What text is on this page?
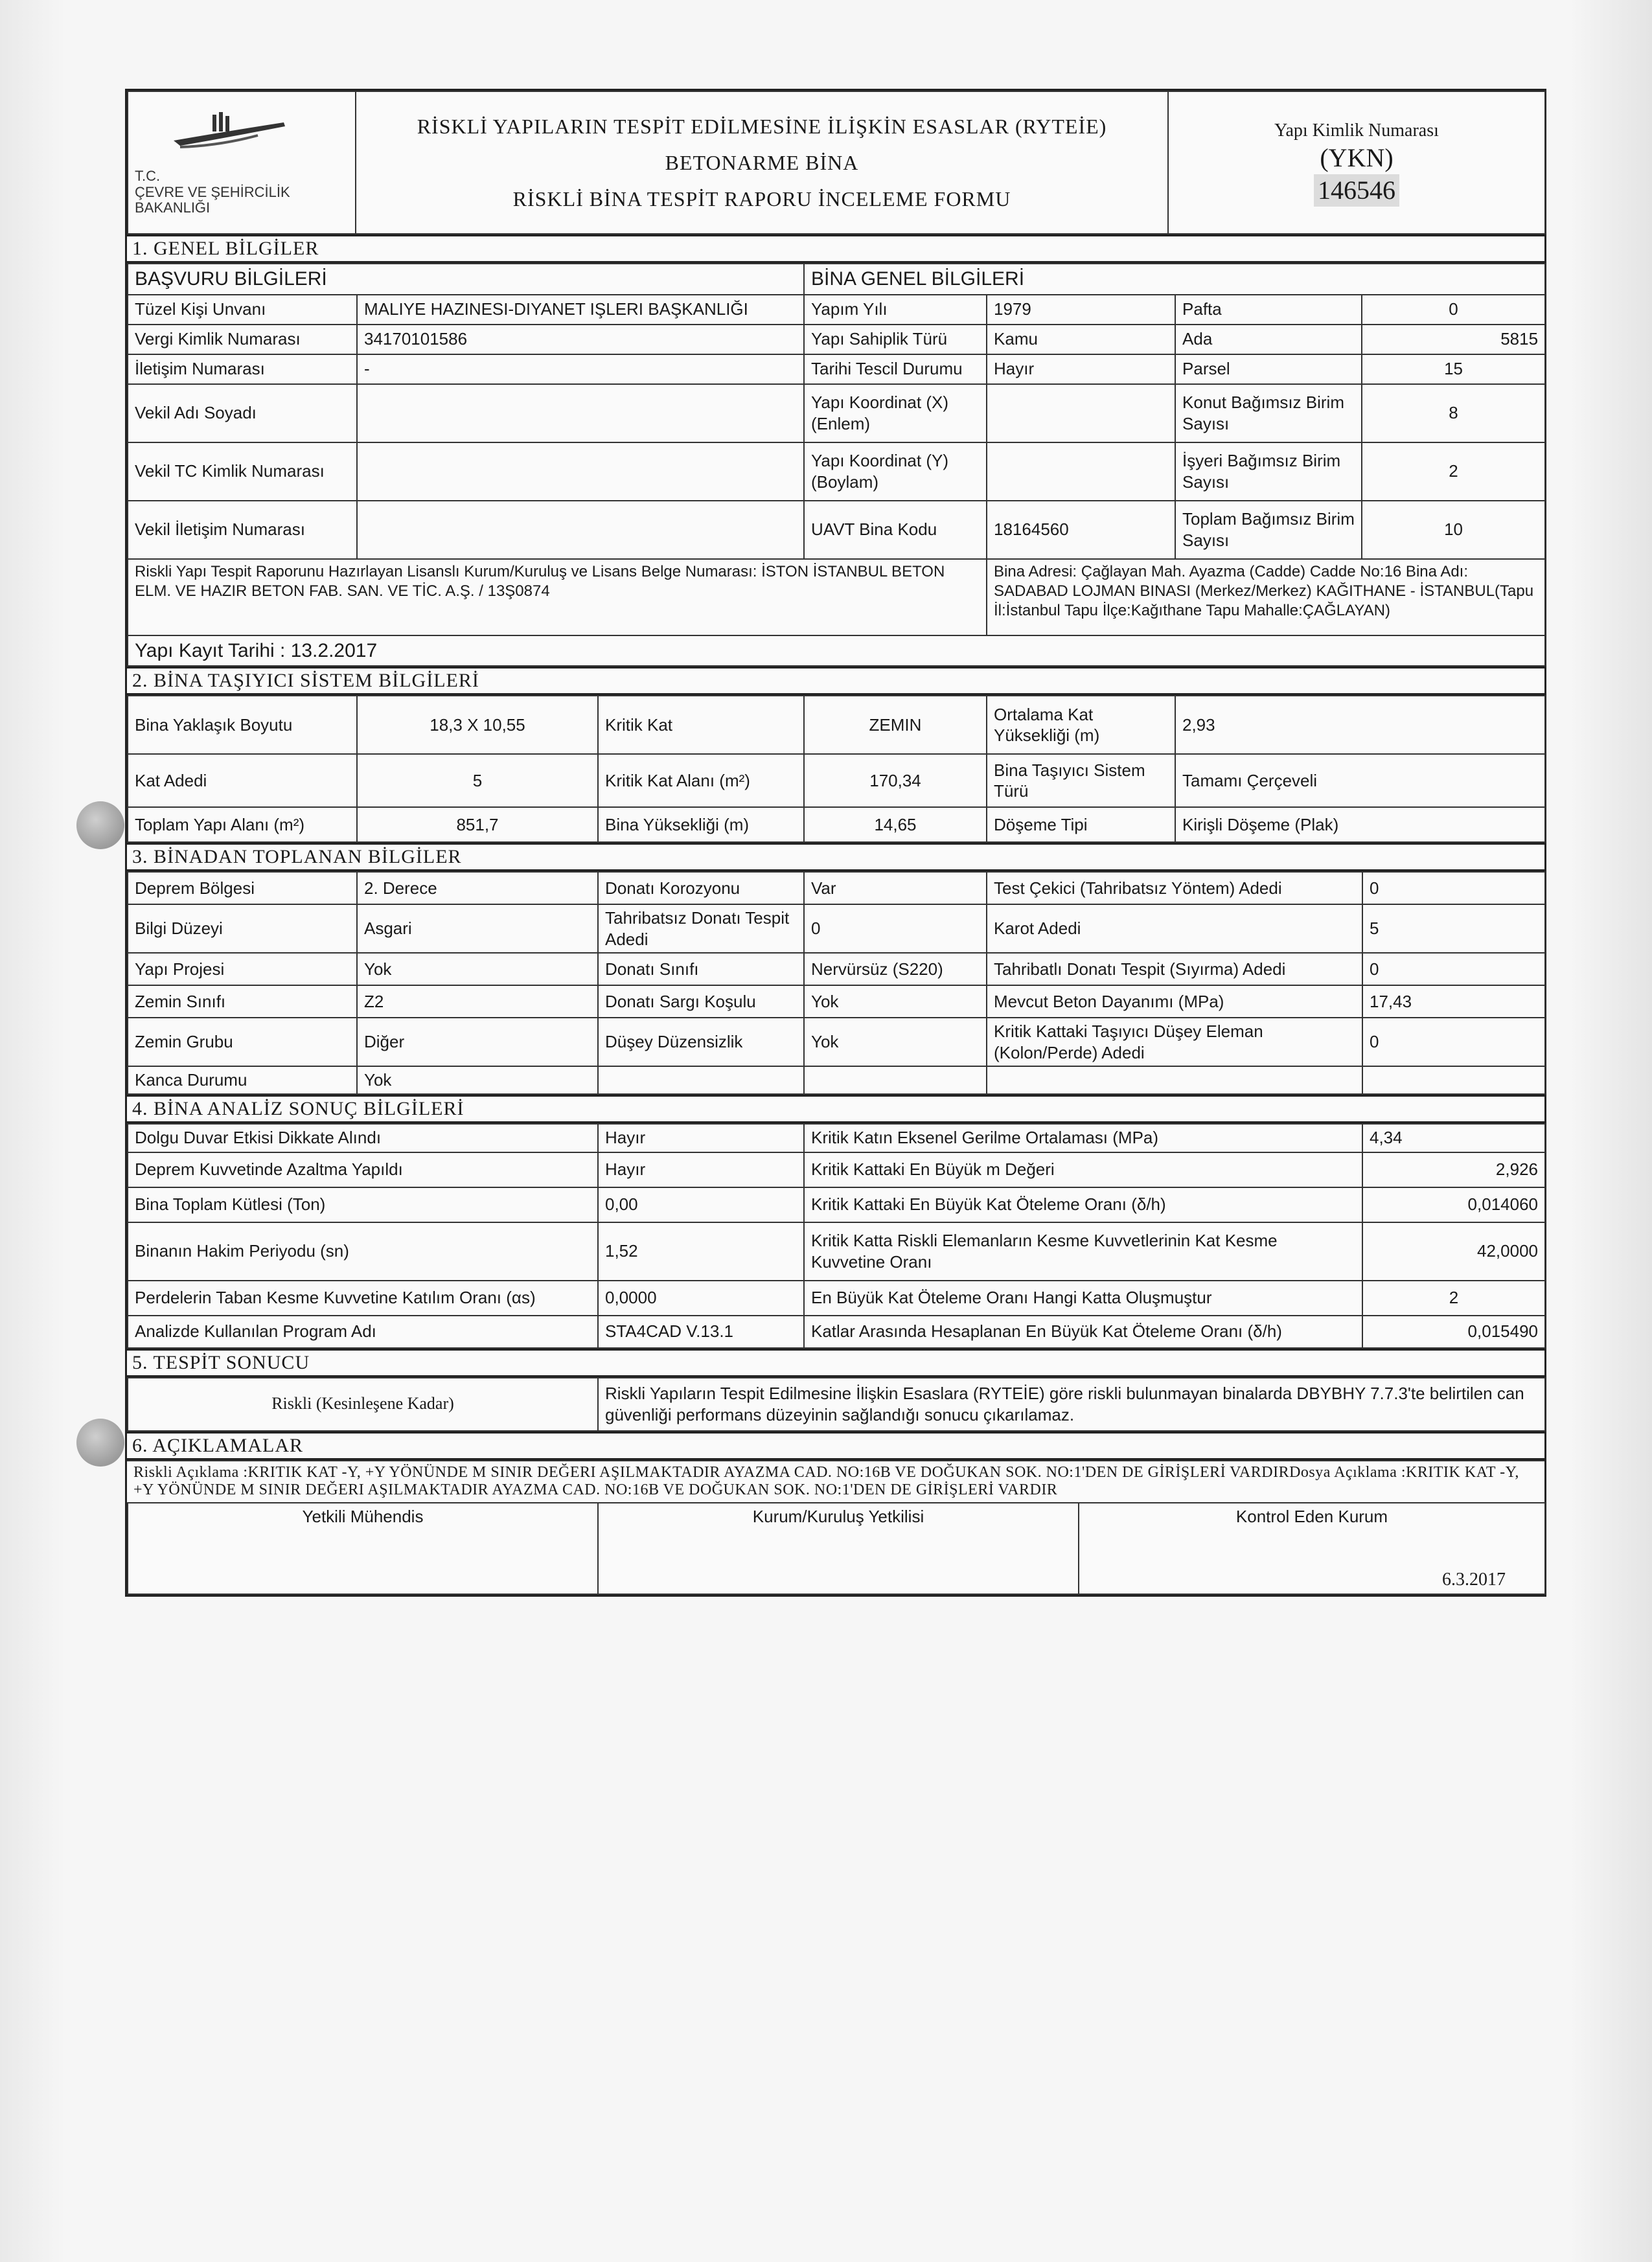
T.C.
ÇEVRE VE ŞEHİRCİLİK
BAKANLIĞI

RİSKLİ YAPILARIN TESPİT EDİLMESİNE İLİŞKİN ESASLAR (RYTEİE)
BETONARME BİNA
RİSKLİ BİNA TESPİT RAPORU İNCELEME FORMU

Yapı Kimlik Numarası
(YKN)
146546
1. GENEL BİLGİLER
BAŞVURU BİLGİLERİ		BİNA GENEL BİLGİLERİ			
Tüzel Kişi Unvanı	MALIYE HAZINESI-DIYANET IŞLERI BAŞKANLIĞI	Yapım Yılı	1979	Pafta	0
Vergi Kimlik Numarası	34170101586	Yapı Sahiplik Türü	Kamu	Ada	5815
İletişim Numarası	-	Tarihi Tescil Durumu	Hayır	Parsel	15
Vekil Adı Soyadı		Yapı Koordinat (X) (Enlem)		Konut Bağımsız Birim Sayısı	8
Vekil TC Kimlik Numarası		Yapı Koordinat (Y) (Boylam)		İşyeri Bağımsız Birim Sayısı	2
Vekil İletişim Numarası		UAVT Bina Kodu	18164560	Toplam Bağımsız Birim Sayısı	10
Riskli Yapı Tespit Raporunu Hazırlayan Lisanslı Kurum/Kuruluş ve Lisans Belge Numarası: İSTON İSTANBUL BETON ELM. VE HAZIR BETON FAB. SAN. VE TİC. A.Ş. / 13Ş0874			Bina Adresi: Çağlayan Mah. Ayazma (Cadde) Cadde No:16 Bina Adı: SADABAD LOJMAN BINASI (Merkez/Merkez) KAĞITHANE - İSTANBUL(Tapu İl:İstanbul Tapu İlçe:Kağıthane Tapu Mahalle:ÇAĞLAYAN)		
Yapı Kayıt Tarihi : 13.2.2017					
2. BİNA TAŞIYICI SİSTEM BİLGİLERİ
Bina Yaklaşık Boyutu	18,3 X 10,55	Kritik Kat	ZEMIN	Ortalama Kat Yüksekliği (m)	2,93
Kat Adedi	5	Kritik Kat Alanı (m²)	170,34	Bina Taşıyıcı Sistem Türü	Tamamı Çerçeveli
Toplam Yapı Alanı (m²)	851,7	Bina Yüksekliği (m)	14,65	Döşeme Tipi	Kirişli Döşeme (Plak)
3. BİNADAN TOPLANAN BİLGİLER
Deprem Bölgesi	2. Derece	Donatı Korozyonu	Var	Test Çekici (Tahribatsız Yöntem) Adedi	0
Bilgi Düzeyi	Asgari	Tahribatsız Donatı Tespit Adedi	0	Karot Adedi	5
Yapı Projesi	Yok	Donatı Sınıfı	Nervürsüz (S220)	Tahribatlı Donatı Tespit (Sıyırma) Adedi	0
Zemin Sınıfı	Z2	Donatı Sargı Koşulu	Yok	Mevcut Beton Dayanımı (MPa)	17,43
Zemin Grubu	Diğer	Düşey Düzensizlik	Yok	Kritik Kattaki Taşıyıcı Düşey Eleman (Kolon/Perde) Adedi	0
Kanca Durumu	Yok				
4. BİNA ANALİZ SONUÇ BİLGİLERİ
Dolgu Duvar Etkisi Dikkate Alındı	Hayır	Kritik Katın Eksenel Gerilme Ortalaması (MPa)	4,34
Deprem Kuvvetinde Azaltma Yapıldı	Hayır	Kritik Kattaki En Büyük m Değeri	2,926
Bina Toplam Kütlesi (Ton)	0,00	Kritik Kattaki En Büyük Kat Öteleme Oranı (δ/h)	0,014060
Binanın Hakim Periyodu (sn)	1,52	Kritik Katta Riskli Elemanların Kesme Kuvvetlerinin Kat Kesme Kuvvetine Oranı	42,0000
Perdelerin Taban Kesme Kuvvetine Katılım Oranı (αs)	0,0000	En Büyük Kat Öteleme Oranı Hangi Katta Oluşmuştur	2
Analizde Kullanılan Program Adı	STA4CAD V.13.1	Katlar Arasında Hesaplanan En Büyük Kat Öteleme Oranı (δ/h)	0,015490
5. TESPİT SONUCU
Riskli (Kesinleşene Kadar)	Riskli Yapıların Tespit Edilmesine İlişkin Esaslara (RYTEİE) göre riskli bulunmayan binalarda DBYBHY 7.7.3'te belirtilen can güvenliği performans düzeyinin sağlandığı sonucu çıkarılamaz.
6. AÇIKLAMALAR
Riskli Açıklama :KRITIK KAT -Y, +Y YÖNÜNDE M SINIR DEĞERI AŞILMAKTADIR AYAZMA CAD. NO:16B VE DOĞUKAN SOK. NO:1'DEN DE GİRİŞLERİ VARDIRDosya Açıklama :KRITIK KAT -Y, +Y YÖNÜNDE M SINIR DEĞERI AŞILMAKTADIR AYAZMA CAD. NO:16B VE DOĞUKAN SOK. NO:1'DEN DE GİRİŞLERİ VARDIR
Yetkili Mühendis	Kurum/Kuruluş Yetkilisi	Kontrol Eden Kurum
6.3.2017
